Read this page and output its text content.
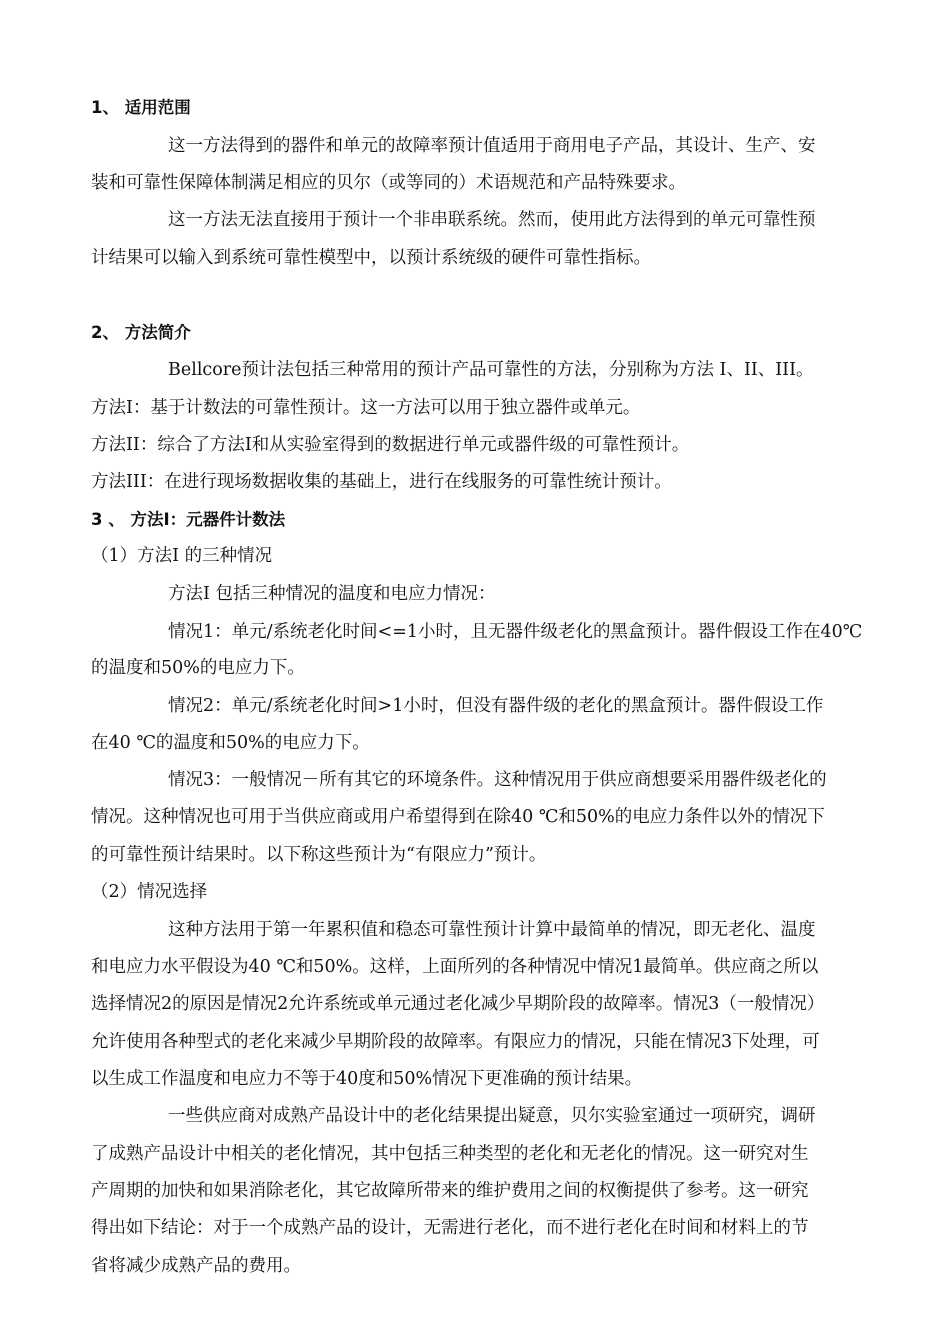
1、 适用范围
这一方法得到的器件和单元的故障率预计值适用于商用电子产品，其设计、生产、安
装和可靠性保障体制满足相应的贝尔（或等同的）术语规范和产品特殊要求。
这一方法无法直接用于预计一个非串联系统。然而，使用此方法得到的单元可靠性预
计结果可以输入到系统可靠性模型中，以预计系统级的硬件可靠性指标。
2、 方法简介
Bellcore预计法包括三种常用的预计产品可靠性的方法，分别称为方法 I、II、III。
方法I：基于计数法的可靠性预计。这一方法可以用于独立器件或单元。
方法II：综合了方法I和从实验室得到的数据进行单元或器件级的可靠性预计。
方法III：在进行现场数据收集的基础上，进行在线服务的可靠性统计预计。
3 、 方法I：元器件计数法
（1）方法I 的三种情况
方法I 包括三种情况的温度和电应力情况：
情况1：单元/系统老化时间<=1小时，且无器件级老化的黑盒预计。器件假设工作在40℃
的温度和50%的电应力下。
情况2：单元/系统老化时间>1小时，但没有器件级的老化的黑盒预计。器件假设工作
在40 ℃的温度和50%的电应力下。
情况3：一般情况－所有其它的环境条件。这种情况用于供应商想要采用器件级老化的
情况。这种情况也可用于当供应商或用户希望得到在除40 ℃和50%的电应力条件以外的情况下
的可靠性预计结果时。以下称这些预计为“有限应力”预计。
（2）情况选择
这种方法用于第一年累积值和稳态可靠性预计计算中最简单的情况，即无老化、温度
和电应力水平假设为40 ℃和50%。这样，上面所列的各种情况中情况1最简单。供应商之所以
选择情况2的原因是情况2允许系统或单元通过老化减少早期阶段的故障率。情况3（一般情况）
允许使用各种型式的老化来减少早期阶段的故障率。有限应力的情况，只能在情况3下处理，可
以生成工作温度和电应力不等于40度和50%情况下更准确的预计结果。
一些供应商对成熟产品设计中的老化结果提出疑意，贝尔实验室通过一项研究，调研
了成熟产品设计中相关的老化情况，其中包括三种类型的老化和无老化的情况。这一研究对生
产周期的加快和如果消除老化，其它故障所带来的维护费用之间的权衡提供了参考。这一研究
得出如下结论：对于一个成熟产品的设计，无需进行老化，而不进行老化在时间和材料上的节
省将减少成熟产品的费用。
